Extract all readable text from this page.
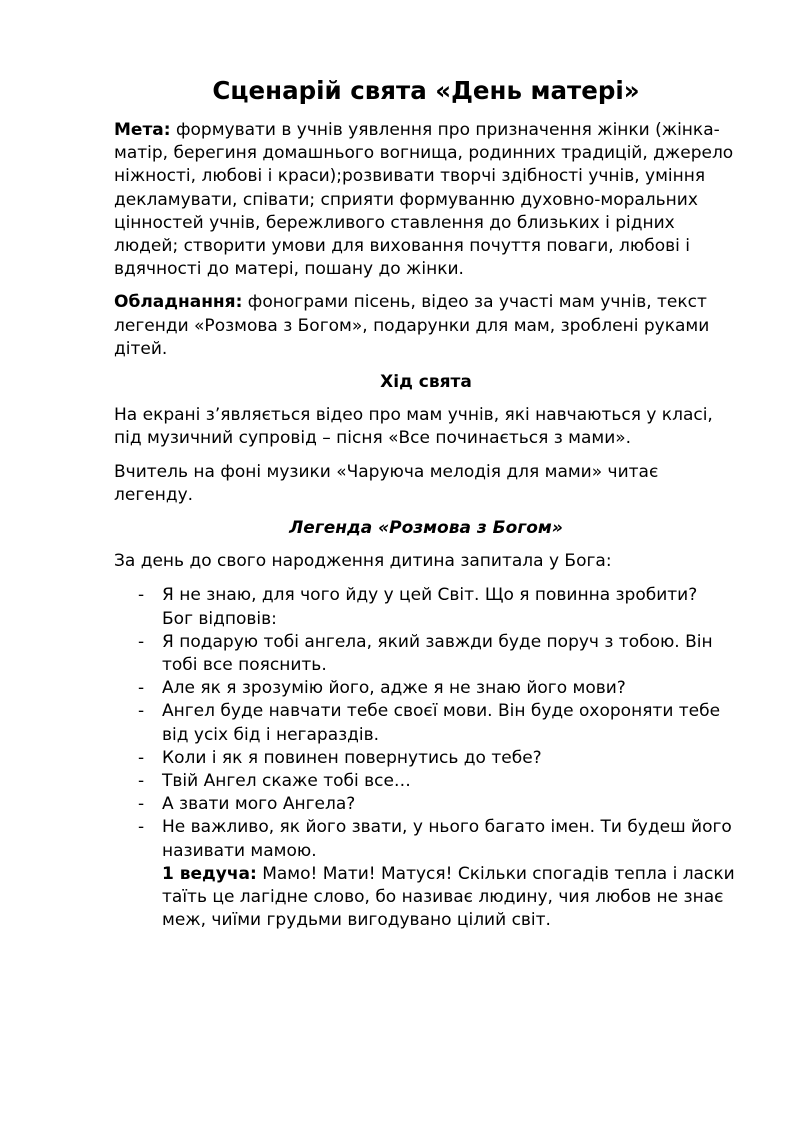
Сценарій свята «День матері»

Мета: формувати в учнів уявлення про призначення жінки (жінка-матір, берегиня домашнього вогнища, родинних традицій, джерело ніжності, любові і краси);розвивати творчі здібності учнів, уміння декламувати, співати; сприяти формуванню духовно-моральних цінностей учнів, бережливого ставлення до близьких і рідних людей; створити умови для виховання почуття поваги, любові і вдячності до матері, пошану до жінки.

Обладнання: фонограми пісень, відео за участі мам учнів, текст легенди «Розмова з Богом», подарунки для мам, зроблені руками дітей.

Хід свята

На екрані з’являється відео про мам учнів, які навчаються у класі, під музичний супровід – пісня «Все починається з мами».

Вчитель на фоні музики «Чаруюча мелодія для мами» читає легенду.

Легенда «Розмова з Богом»

За день до свого народження дитина запитала у Бога:

- Я не знаю, для чого йду у цей Світ. Що я повинна зробити?
Бог відповів:
- Я подарую тобі ангела, який завжди буде поруч з тобою. Він тобі все пояснить.
- Але як я зрозумію його, адже я не знаю його мови?
- Ангел буде навчати тебе своєї мови. Він буде охороняти тебе від усіх бід і негараздів.
- Коли і як я повинен повернутись до тебе?
- Твій Ангел скаже тобі все…
- А звати мого Ангела?
- Не важливо, як його звати, у нього багато імен. Ти будеш його називати мамою.
1 ведуча: Мамо! Мати! Матуся! Скільки спогадів тепла і ласки таїть це лагідне слово, бо називає людину, чия любов не знає меж, чиїми грудьми вигодувано цілий світ.
